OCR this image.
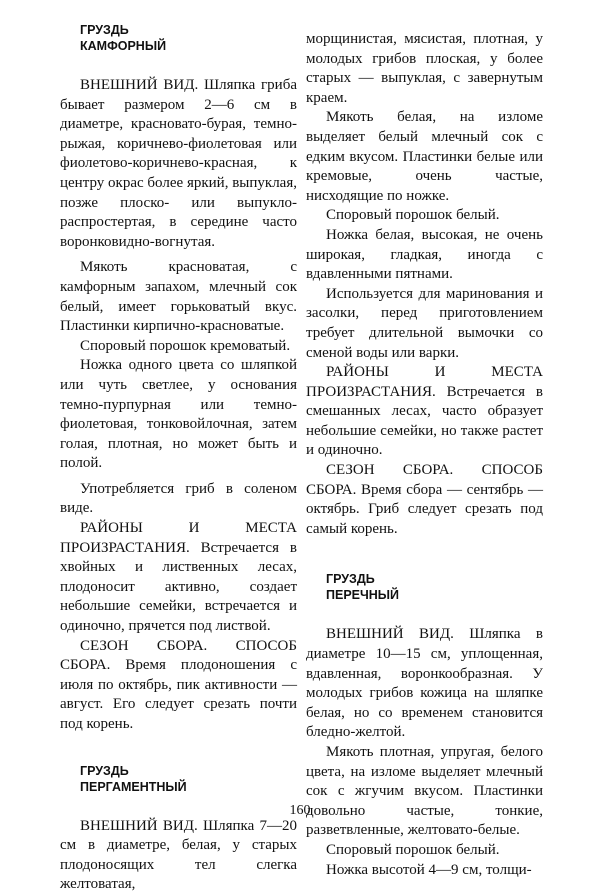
ГРУЗДЬ
КАМФОРНЫЙ

ВНЕШНИЙ ВИД. Шляпка гриба бывает размером 2—6 см в диаметре, красновато-бурая, темно-рыжая, коричнево-фиолетовая или фиолетово-коричнево-красная, к центру окрас более яркий, выпуклая, позже плоско- или выпукло-распростертая, в середине часто воронковидно-вогнутая.

Мякоть красноватая, с камфорным запахом, млечный сок белый, имеет горьковатый вкус. Пластинки кирпично-красноватые.

Споровый порошок кремоватый.

Ножка одного цвета со шляпкой или чуть светлее, у основания темно-пурпурная или темно-фиолетовая, тонковойлочная, затем голая, плотная, но может быть и полой.

Употребляется гриб в соленом виде.

РАЙОНЫ И МЕСТА ПРОИЗРАСТАНИЯ. Встречается в хвойных и лиственных лесах, плодоносит активно, создает небольшие семейки, встречается и одиночно, прячется под листвой.

СЕЗОН СБОРА. СПОСОБ СБОРА. Время плодоношения с июля по октябрь, пик активности — август. Его следует срезать почти под корень.

ГРУЗДЬ
ПЕРГАМЕНТНЫЙ

ВНЕШНИЙ ВИД. Шляпка 7—20 см в диаметре, белая, у старых плодоносящих тел слегка желтоватая,

морщинистая, мясистая, плотная, у молодых грибов плоская, у более старых — выпуклая, с завернутым краем.

Мякоть белая, на изломе выделяет белый млечный сок с едким вкусом. Пластинки белые или кремовые, очень частые, нисходящие по ножке.

Споровый порошок белый.

Ножка белая, высокая, не очень широкая, гладкая, иногда с вдавленными пятнами.

Используется для маринования и засолки, перед приготовлением требует длительной вымочки со сменой воды или варки.

РАЙОНЫ И МЕСТА ПРОИЗРАСТАНИЯ. Встречается в смешанных лесах, часто образует небольшие семейки, но также растет и одиночно.

СЕЗОН СБОРА. СПОСОБ СБОРА. Время сбора — сентябрь — октябрь. Гриб следует срезать под самый корень.

ГРУЗДЬ
ПЕРЕЧНЫЙ

ВНЕШНИЙ ВИД. Шляпка в диаметре 10—15 см, уплощенная, вдавленная, воронкообразная. У молодых грибов кожица на шляпке белая, но со временем становится бледно-желтой.

Мякоть плотная, упругая, белого цвета, на изломе выделяет млечный сок с жгучим вкусом. Пластинки довольно частые, тонкие, разветвленные, желтовато-белые.

Споровый порошок белый.

Ножка высотой 4—9 см, толщи-

160
